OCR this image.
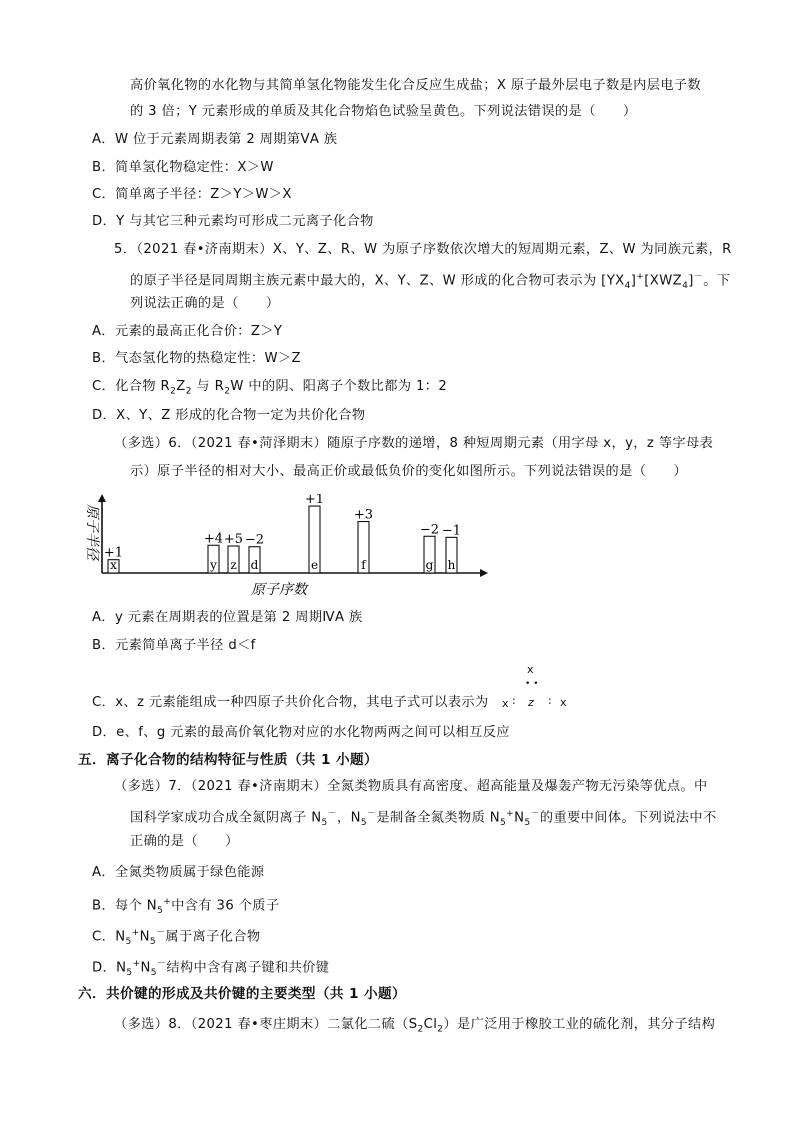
高价氧化物的水化物与其简单氢化物能发生化合反应生成盐；X 原子最外层电子数是内层电子数
的 3 倍；Y 元素形成的单质及其化合物焰色试验呈黄色。下列说法错误的是（　　）
A．W 位于元素周期表第 2 周期第ⅤA 族
B．简单氢化物稳定性：X＞W
C．简单离子半径：Z＞Y＞W＞X
D．Y 与其它三种元素均可形成二元离子化合物
5．（2021 春•济南期末）X、Y、Z、R、W 为原子序数依次增大的短周期元素，Z、W 为同族元素，R
的原子半径是同周期主族元素中最大的，X、Y、Z、W 形成的化合物可表示为 $[YX_4]^+[XWZ_4]^-$。下
列说法正确的是（　　）
A．元素的最高正化合价：Z＞Y
B．气态氢化物的热稳定性：W＞Z
C．化合物 $R_2Z_2$ 与 $R_2W$ 中的阴、阳离子个数比都为 1：2
D．X、Y、Z 形成的化合物一定为共价化合物
（多选）6．（2021 春•菏泽期末）随原子序数的递增，8 种短周期元素（用字母 x，y，z 等字母表
示）原子半径的相对大小、最高正价或最低负价的变化如图所示。下列说法错误的是（　　）
原子半径
原子序数
x
+1
y
+4
z
+5
d
−2
e
+1
f
+3
g
−2
h
−1
A．y 元素在周期表的位置是第 2 周期ⅣA 族
B．元素简单离子半径 d＜f
x
• •
C．x、z 元素能组成一种四原子共价化合物，其电子式可以表示为 x : z : x
D．e、f、g 元素的最高价氧化物对应的水化物两两之间可以相互反应
五．离子化合物的结构特征与性质（共 1 小题）
（多选）7．（2021 春•济南期末）全氮类物质具有高密度、超高能量及爆轰产物无污染等优点。中
国科学家成功合成全氮阴离子 $N_5^-$，$N_5^-$是制备全氮类物质 $N_5^+N_5^-$的重要中间体。下列说法中不
正确的是（　　）
A．全氮类物质属于绿色能源
B．每个 $N_5^+$中含有 36 个质子
C．$N_5^+N_5^-$属于离子化合物
D．$N_5^+N_5^-$结构中含有离子键和共价键
六．共价键的形成及共价键的主要类型（共 1 小题）
（多选）8．（2021 春•枣庄期末）二氯化二硫$(S_2Cl_2)$是广泛用于橡胶工业的硫化剂，其分子结构
